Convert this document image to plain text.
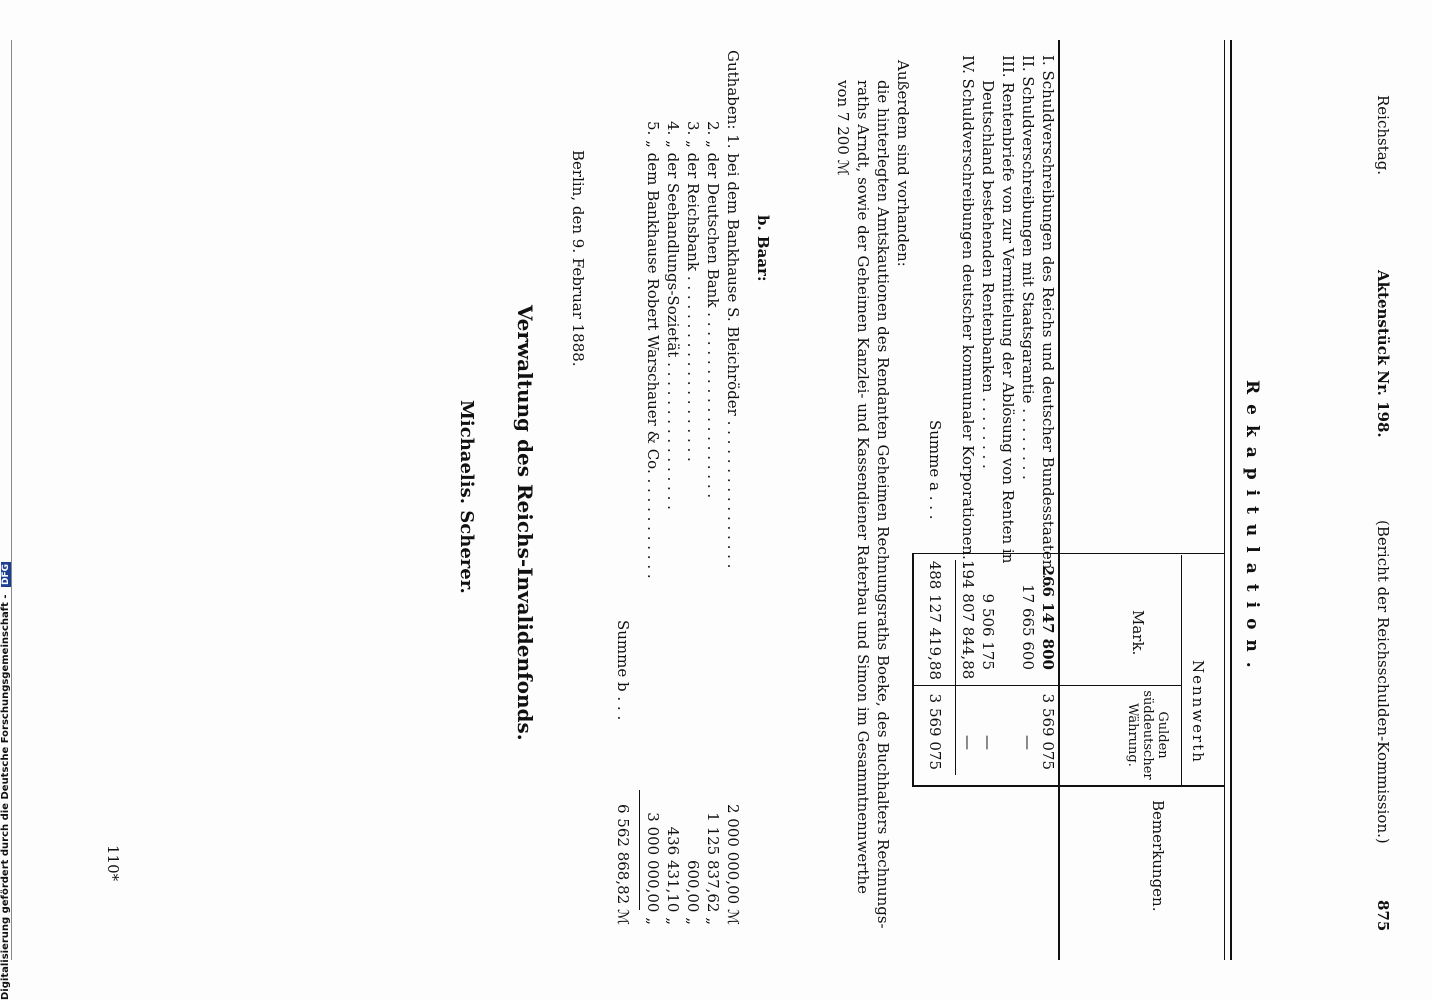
Reichstag.
Aktenstück Nr. 198.
(Bericht der Reichsschulden-Kommission.)
875
Rekapitulation.
Nennwerth
Mark.
Gulden süddeutscher Währung.
Bemerkungen.
I. Schuldverschreibungen des Reichs und deutscher Bundesstaaten . .
266 147 800
3 569 075
II. Schuldverschreibungen mit Staatsgarantie . . . . . . . .
17 665 600
—
III. Rentenbriefe von zur Vermittelung der Ablösung von Renten in
Deutschland bestehenden Rentenbanken . . . . . . . .
9 506 175
—
IV. Schuldverschreibungen deutscher kommunaler Korporationen. . .
194 807 844,88
—
Summe a . . .
488 127 419,88
3 569 075
Außerdem sind vorhanden:
die hinterlegten Amtskautionen des Rendanten Geheimen Rechnungsraths Boeke, des Buchhalters Rechnungs-
raths Arndt, sowie der Geheimen Kanzlei- und Kassendiener Raterbau und Simon im Gesammtnennwerthe
von 7 200 ℳ
b. Baar:
Guthaben: 1. bei dem Bankhause S. Bleichröder . . . . . . . . . . . . . . . .
2 000 000,00 ℳ
2. „ der Deutschen Bank . . . . . . . . . . . . . . . . . . . .
1 125 837,62 „
3. „ der Reichsbank . . . . . . . . . . . . . . . . . . . .
600,00 „
4. „ der Seehandlungs-Sozietät . . . . . . . . . . . . . . . .
436 431,10 „
5. „ dem Bankhause Robert Warschauer & Co. . . . . . . . . . . .
3 000 000,00 „
Summe b . . .
6 562 868,82 ℳ
Berlin, den 9. Februar 1888.
Verwaltung des Reichs-Invalidenfonds.
Michaelis. Scherer.
110*
Digitalisierung gefördert durch die Deutsche Forschungsgemeinschaft - DFG
